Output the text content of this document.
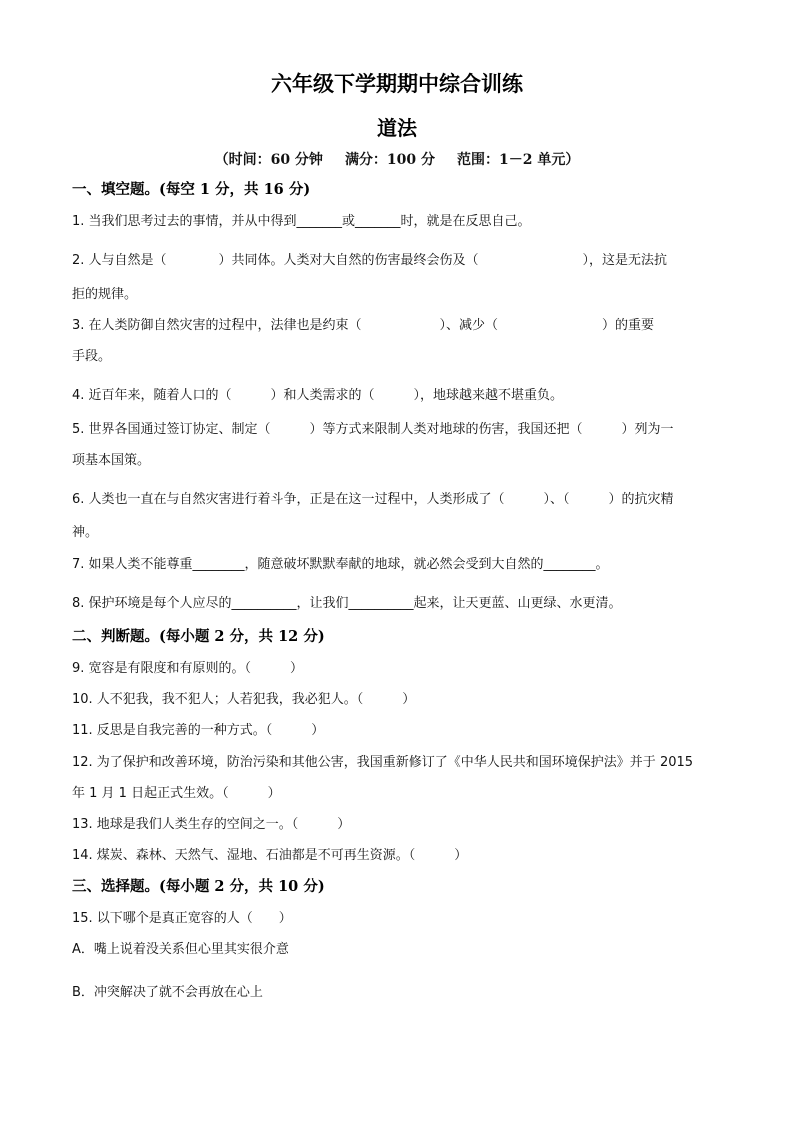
六年级下学期期中综合训练
道法
（时间：60 分钟 满分：100 分 范围：1－2 单元）
一、填空题。(每空 1 分，共 16 分)
1. 当我们思考过去的事情，并从中得到_______或_______时，就是在反思自己。
2. 人与自然是（　　　　）共同体。人类对大自然的伤害最终会伤及（　　　　　　　　），这是无法抗
拒的规律。
3. 在人类防御自然灾害的过程中，法律也是约束（　　　　　　）、减少（　　　　　　　　）的重要
手段。
4. 近百年来，随着人口的（　　　）和人类需求的（　　　），地球越来越不堪重负。
5. 世界各国通过签订协定、制定（　　　）等方式来限制人类对地球的伤害，我国还把（　　　）列为一
项基本国策。
6. 人类也一直在与自然灾害进行着斗争，正是在这一过程中，人类形成了（　　　）、（　　　）的抗灾精
神。
7. 如果人类不能尊重________，随意破坏默默奉献的地球，就必然会受到大自然的________。
8. 保护环境是每个人应尽的__________，让我们__________起来，让天更蓝、山更绿、水更清。
二、判断题。(每小题 2 分，共 12 分)
9. 宽容是有限度和有原则的。（　　　）
10. 人不犯我，我不犯人；人若犯我，我必犯人。（　　　）
11. 反思是自我完善的一种方式。（　　　）
12. 为了保护和改善环境，防治污染和其他公害，我国重新修订了《中华人民共和国环境保护法》并于 2015
年 1 月 1 日起正式生效。（　　　）
13. 地球是我们人类生存的空间之一。（　　　）
14. 煤炭、森林、天然气、湿地、石油都是不可再生资源。（　　　）
三、选择题。(每小题 2 分，共 10 分)
15. 以下哪个是真正宽容的人（　　）
A．嘴上说着没关系但心里其实很介意
B．冲突解决了就不会再放在心上
